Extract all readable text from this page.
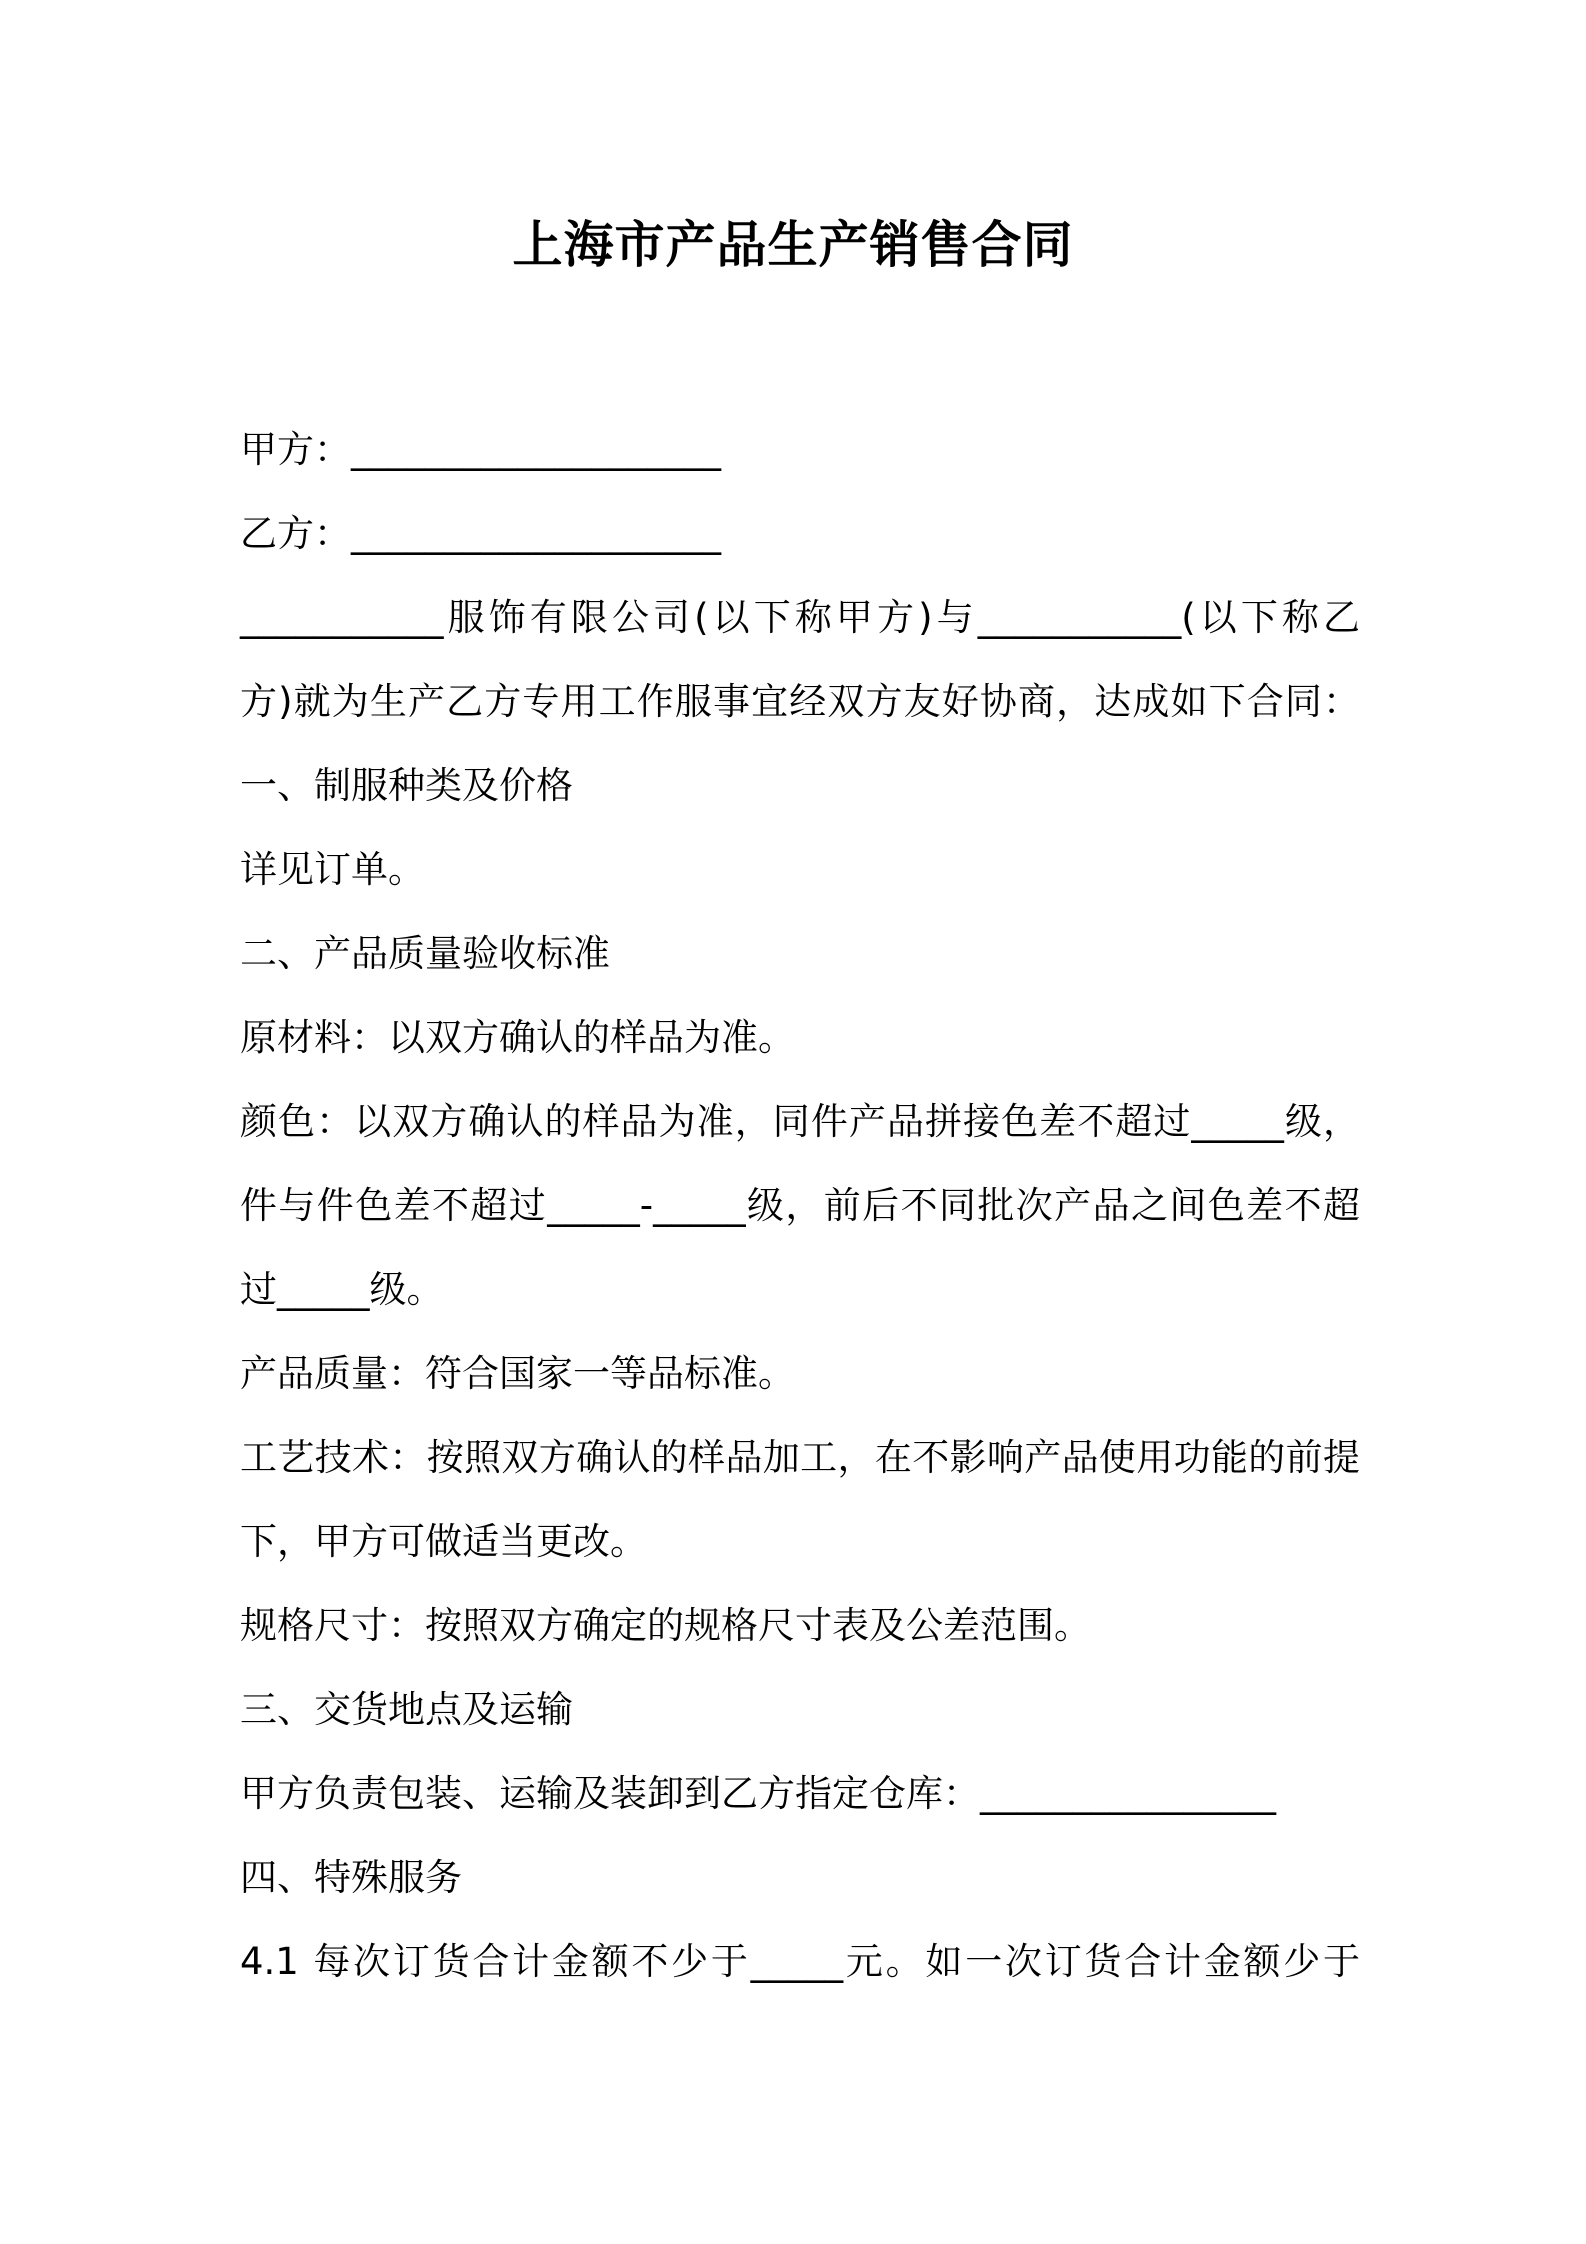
上海市产品生产销售合同
甲方：____________________
乙方：____________________
___________服饰有限公司(以下称甲方)与___________(以下称乙
方)就为生产乙方专用工作服事宜经双方友好协商，达成如下合同：
一、制服种类及价格
详见订单。
二、产品质量验收标准
原材料：以双方确认的样品为准。
颜色：以双方确认的样品为准，同件产品拼接色差不超过_____级，
件与件色差不超过_____-_____级，前后不同批次产品之间色差不超
过_____级。
产品质量：符合国家一等品标准。
工艺技术：按照双方确认的样品加工，在不影响产品使用功能的前提
下，甲方可做适当更改。
规格尺寸：按照双方确定的规格尺寸表及公差范围。
三、交货地点及运输
甲方负责包装、运输及装卸到乙方指定仓库：________________
四、特殊服务
4.1 每次订货合计金额不少于_____元。如一次订货合计金额少于
